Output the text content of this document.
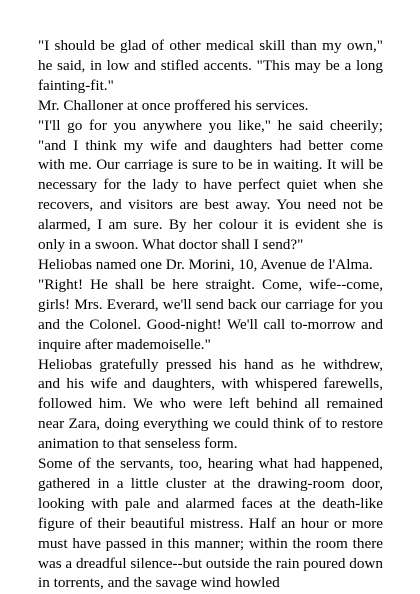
"I should be glad of other medical skill than my own," he said, in low and stifled accents. "This may be a long fainting-fit."

Mr. Challoner at once proffered his services.

"I'll go for you anywhere you like," he said cheerily; "and I think my wife and daughters had better come with me. Our carriage is sure to be in waiting. It will be necessary for the lady to have perfect quiet when she recovers, and visitors are best away. You need not be alarmed, I am sure. By her colour it is evident she is only in a swoon. What doctor shall I send?"

Heliobas named one Dr. Morini, 10, Avenue de l'Alma.

"Right! He shall be here straight. Come, wife--come, girls! Mrs. Everard, we'll send back our carriage for you and the Colonel. Good-night! We'll call to-morrow and inquire after mademoiselle."

Heliobas gratefully pressed his hand as he withdrew, and his wife and daughters, with whispered farewells, followed him. We who were left behind all remained near Zara, doing everything we could think of to restore animation to that senseless form.

Some of the servants, too, hearing what had happened, gathered in a little cluster at the drawing-room door, looking with pale and alarmed faces at the death-like figure of their beautiful mistress. Half an hour or more must have passed in this manner; within the room there was a dreadful silence--but outside the rain poured down in torrents, and the savage wind howled
